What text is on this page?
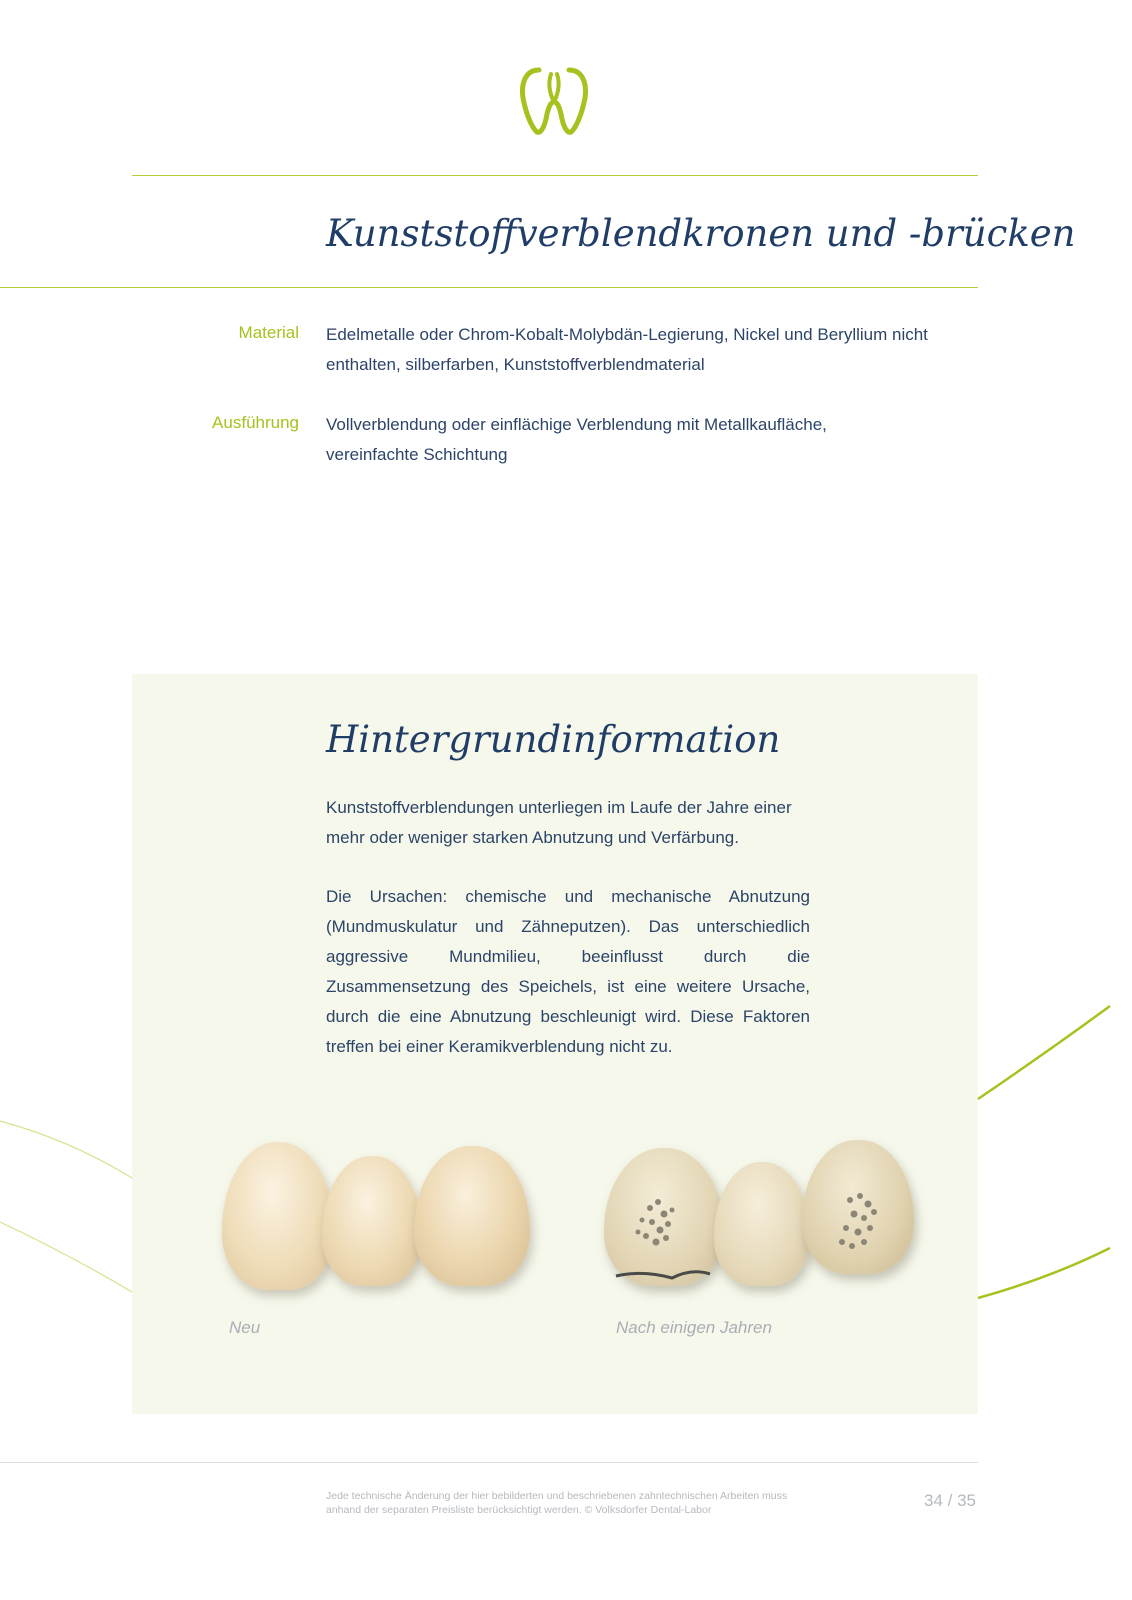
Kunststoffverblendkronen und -brücken
Material Edelmetalle oder Chrom-Kobalt-Molybdän-Legierung, Nickel und Beryllium nicht enthalten, silberfarben, Kunststoffverblendmaterial
Ausführung Vollverblendung oder einflächige Verblendung mit Metallkaufläche, vereinfachte Schichtung
Hintergrundinformation
Kunststoffverblendungen unterliegen im Laufe der Jahre einer mehr oder weniger starken Abnutzung und Verfärbung.
Die Ursachen: chemische und mechanische Abnutzung (Mundmuskulatur und Zähneputzen). Das unterschiedlich aggressive Mundmilieu, beeinflusst durch die Zusammensetzung des Speichels, ist eine weitere Ursache, durch die eine Abnutzung beschleunigt wird. Diese Faktoren treffen bei einer Keramikverblendung nicht zu.
Neu	Nach einigen Jahren
Jede technische Änderung der hier bebilderten und beschriebenen zahntechnischen Arbeiten muss anhand der separaten Preisliste berücksichtigt werden. © Volksdorfer Dental-Labor	34 / 35
